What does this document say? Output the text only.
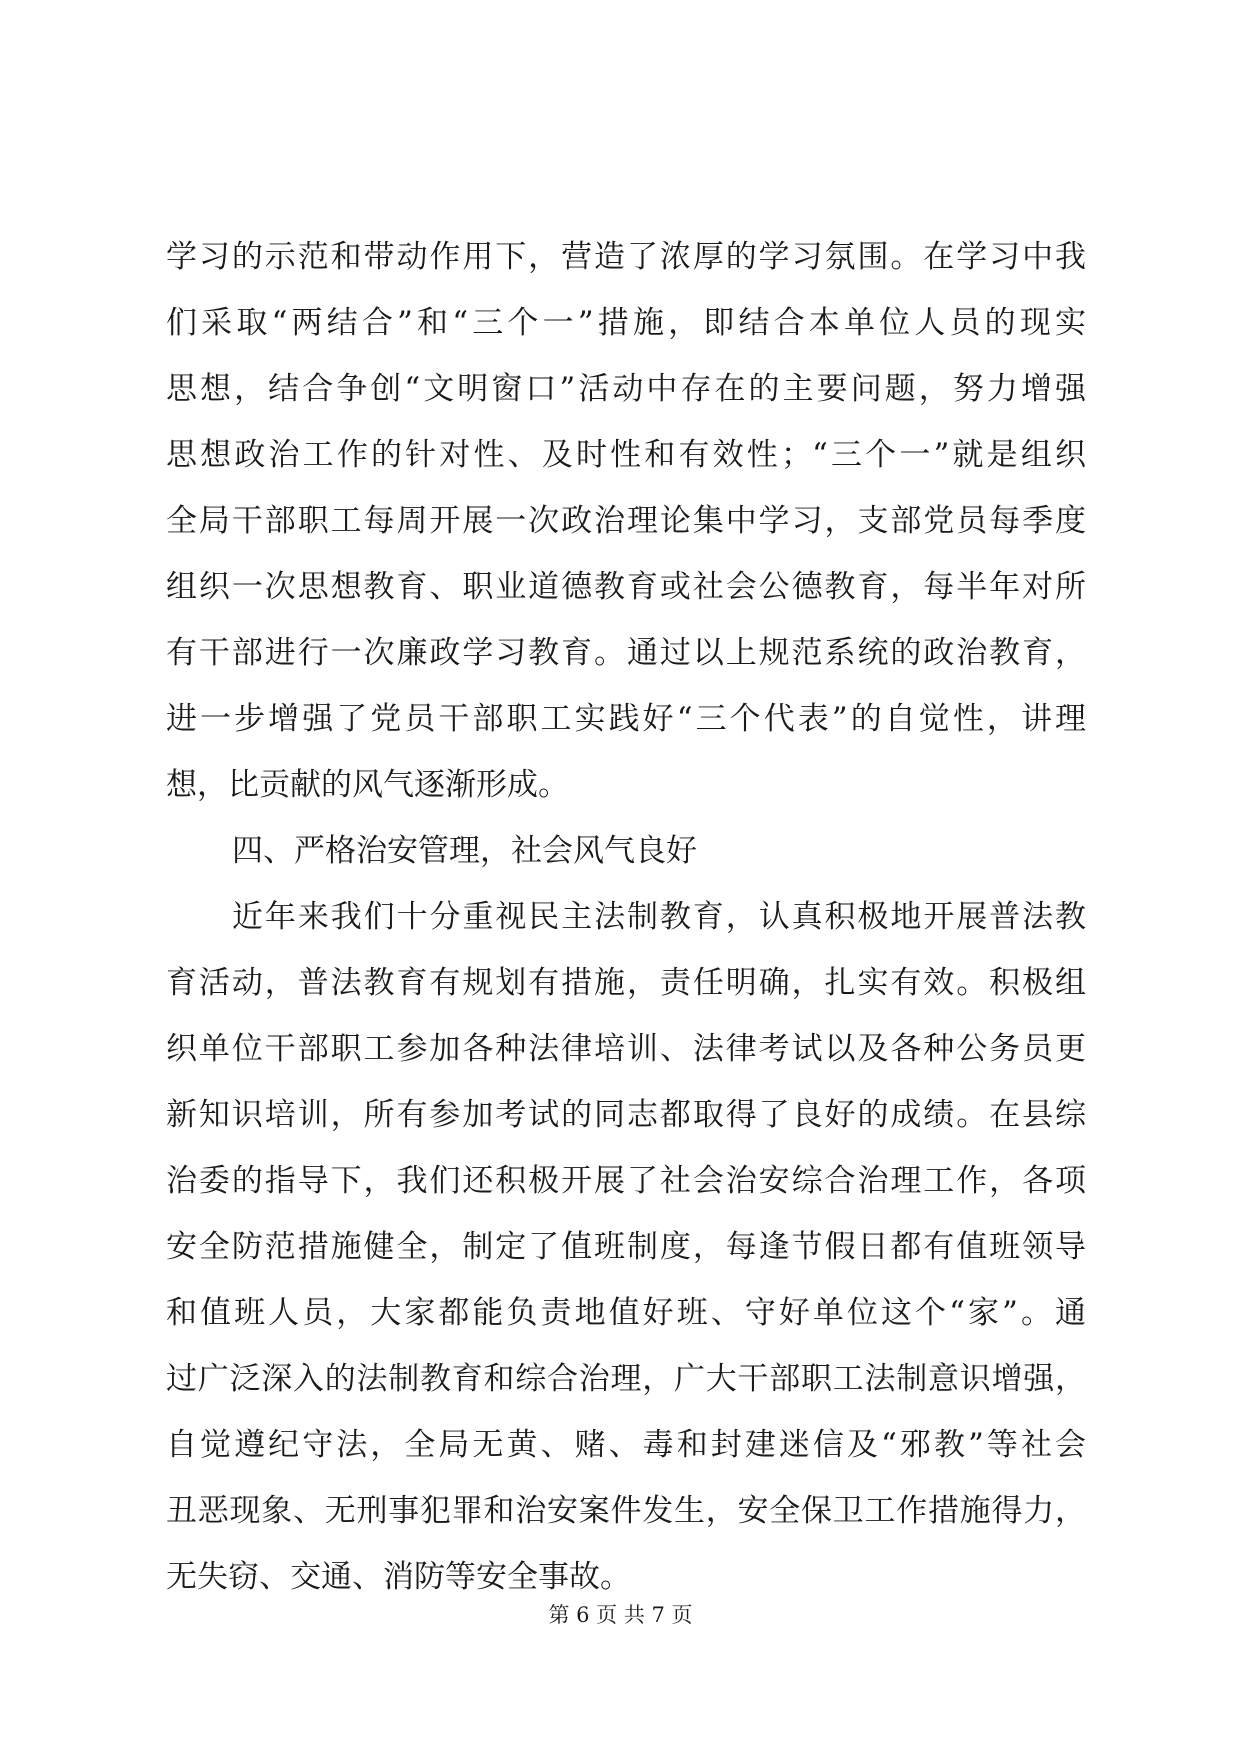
学习的示范和带动作用下，营造了浓厚的学习氛围。在学习中我
们采取“两结合”和“三个一”措施，即结合本单位人员的现实
思想，结合争创“文明窗口”活动中存在的主要问题，努力增强
思想政治工作的针对性、及时性和有效性；“三个一”就是组织
全局干部职工每周开展一次政治理论集中学习，支部党员每季度
组织一次思想教育、职业道德教育或社会公德教育，每半年对所
有干部进行一次廉政学习教育。通过以上规范系统的政治教育，
进一步增强了党员干部职工实践好“三个代表”的自觉性，讲理
想，比贡献的风气逐渐形成。
四、严格治安管理，社会风气良好
近年来我们十分重视民主法制教育，认真积极地开展普法教
育活动，普法教育有规划有措施，责任明确，扎实有效。积极组
织单位干部职工参加各种法律培训、法律考试以及各种公务员更
新知识培训，所有参加考试的同志都取得了良好的成绩。在县综
治委的指导下，我们还积极开展了社会治安综合治理工作，各项
安全防范措施健全，制定了值班制度，每逢节假日都有值班领导
和值班人员，大家都能负责地值好班、守好单位这个“家”。通
过广泛深入的法制教育和综合治理，广大干部职工法制意识增强，
自觉遵纪守法，全局无黄、赌、毒和封建迷信及“邪教”等社会
丑恶现象、无刑事犯罪和治安案件发生，安全保卫工作措施得力，
无失窃、交通、消防等安全事故。
第 6 页 共 7 页
